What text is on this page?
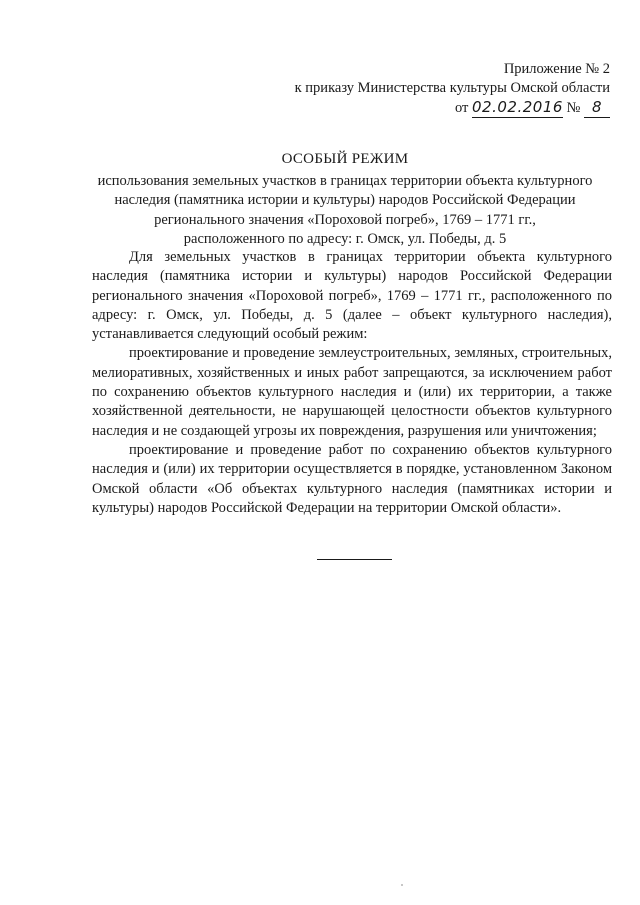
Приложение № 2
к приказу Министерства культуры Омской области
от 02.02.2016 № 8
ОСОБЫЙ РЕЖИМ
использования земельных участков в границах территории объекта культурного
наследия (памятника истории и культуры) народов Российской Федерации
регионального значения «Пороховой погреб», 1769 – 1771 гг.,
расположенного по адресу: г. Омск, ул. Победы, д. 5

Для земельных участков в границах территории объекта культурного наследия (памятника истории и культуры) народов Российской Федерации регионального значения «Пороховой погреб», 1769 – 1771 гг., расположенного по адресу: г. Омск, ул. Победы, д. 5 (далее – объект культурного наследия), устанавливается следующий особый режим:

проектирование и проведение землеустроительных, земляных, строительных, мелиоративных, хозяйственных и иных работ запрещаются, за исключением работ по сохранению объектов культурного наследия и (или) их территории, а также хозяйственной деятельности, не нарушающей целостности объектов культурного наследия и не создающей угрозы их повреждения, разрушения или уничтожения;

проектирование и проведение работ по сохранению объектов культурного наследия и (или) их территории осуществляется в порядке, установленном Законом Омской области «Об объектах культурного наследия (памятниках истории и культуры) народов Российской Федерации на территории Омской области».
